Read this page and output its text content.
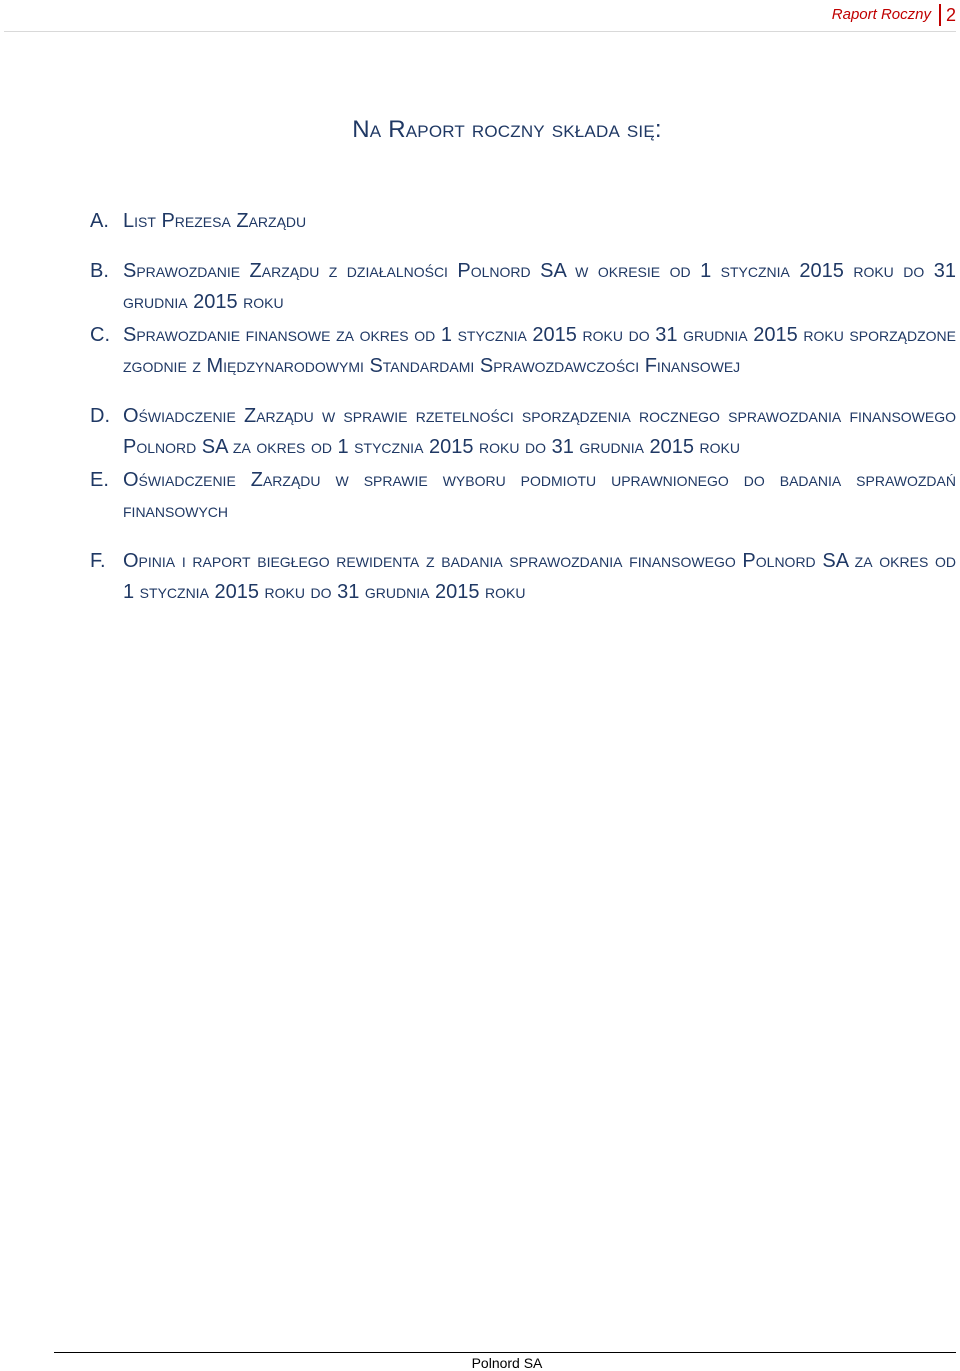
Raport Roczny 2
Na Raport roczny składa się:
A. List Prezesa Zarządu
B. Sprawozdanie Zarządu z działalności Polnord SA w okresie od 1 stycznia 2015 roku do 31 grudnia 2015 roku
C. Sprawozdanie finansowe za okres od 1 stycznia 2015 roku do 31 grudnia 2015 roku sporządzone zgodnie z Międzynarodowymi Standardami Sprawozdawczości Finansowej
D. Oświadczenie Zarządu w sprawie rzetelności sporządzenia rocznego sprawozdania finansowego Polnord SA za okres od 1 stycznia 2015 roku do 31 grudnia 2015 roku
E. Oświadczenie Zarządu w sprawie wyboru podmiotu uprawnionego do badania sprawozdań finansowych
F. Opinia i raport biegłego rewidenta z badania sprawozdania finansowego Polnord SA za okres od 1 stycznia 2015 roku do 31 grudnia 2015 roku
Polnord SA
